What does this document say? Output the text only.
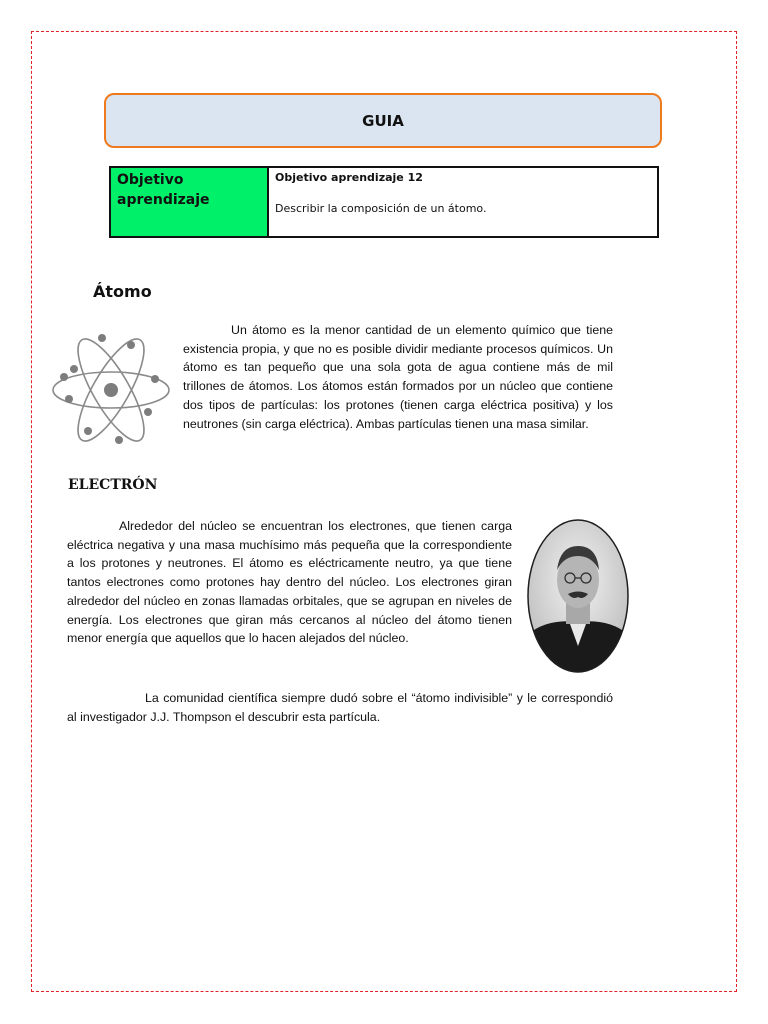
GUIA
Objetivo aprendizaje
Objetivo aprendizaje 12
Describir la composición de un átomo.
Átomo

Un átomo es la menor cantidad de un elemento químico que tiene existencia propia, y que no es posible dividir mediante procesos químicos. Un átomo es tan pequeño que una sola gota de agua contiene más de mil trillones de átomos. Los átomos están formados por un núcleo que contiene dos tipos de partículas: los protones (tienen carga eléctrica positiva) y los neutrones (sin carga eléctrica). Ambas partículas tienen una masa similar.

ELECTRÓN

Alrededor del núcleo se encuentran los electrones, que tienen carga eléctrica negativa y una masa muchísimo más pequeña que la correspondiente a los protones y neutrones. El átomo es eléctricamente neutro, ya que tiene tantos electrones como protones hay dentro del núcleo. Los electrones giran alrededor del núcleo en zonas llamadas orbitales, que se agrupan en niveles de energía. Los electrones que giran más cercanos al núcleo del átomo tienen menor energía que aquellos que lo hacen alejados del núcleo.

La comunidad científica siempre dudó sobre el “átomo indivisible” y le correspondió al investigador J.J. Thompson el descubrir esta partícula.
